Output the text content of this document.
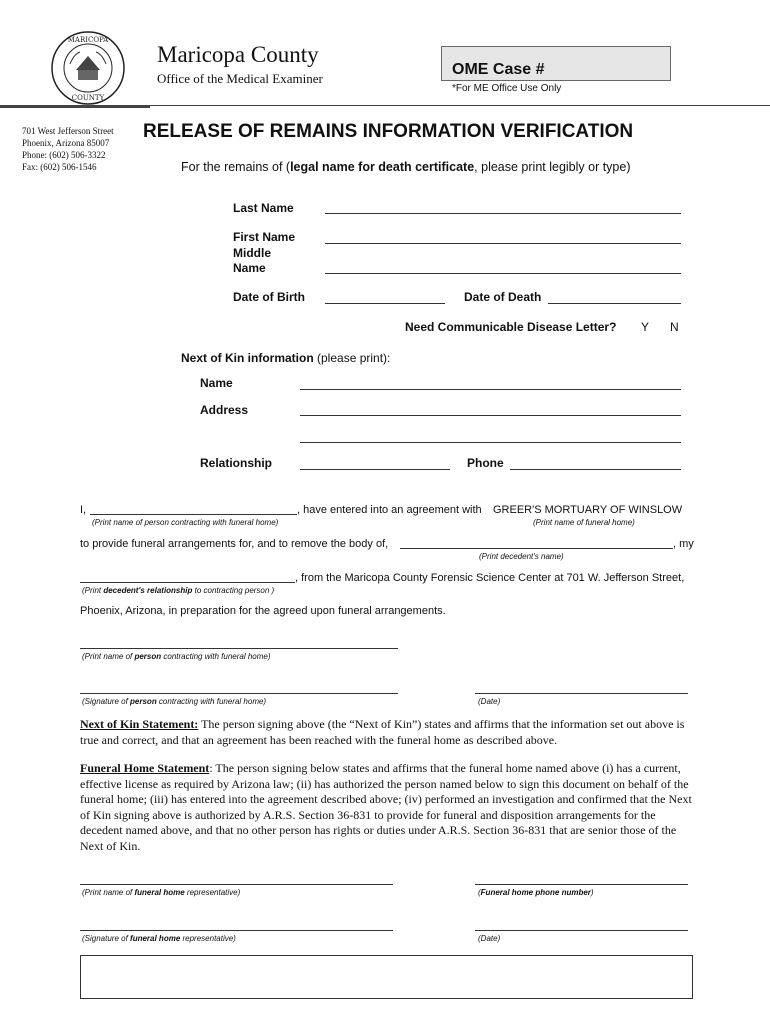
MARICOPA
COUNTY
Maricopa County
Office of the Medical Examiner
OME Case #
*For ME Office Use Only
701 West Jefferson Street
Phoenix, Arizona 85007
Phone: (602) 506-3322
Fax: (602) 506-1546
RELEASE OF REMAINS INFORMATION VERIFICATION
For the remains of (legal name for death certificate, please print legibly or type)
Last Name
First Name
Middle
Name
Date of Birth	Date of Death
Need Communicable Disease Letter? Y N
Next of Kin information (please print):
Name
Address
Relationship	Phone
I,	, have entered into an agreement with GREER'S MORTUARY OF WINSLOW
(Print name of person contracting with funeral home)	(Print name of funeral home)
to provide funeral arrangements for, and to remove the body of,	, my
(Print decedent's name)
, from the Maricopa County Forensic Science Center at 701 W. Jefferson Street,
(Print decedent's relationship to contracting person )
Phoenix, Arizona, in preparation for the agreed upon funeral arrangements.
(Print name of person contracting with funeral home)
(Signature of person contracting with funeral home)	(Date)
Next of Kin Statement: The person signing above (the “Next of Kin”) states and affirms that the information set out above is true and correct, and that an agreement has been reached with the funeral home as described above.
Funeral Home Statement: The person signing below states and affirms that the funeral home named above (i) has a current, effective license as required by Arizona law; (ii) has authorized the person named below to sign this document on behalf of the funeral home; (iii) has entered into the agreement described above; (iv) performed an investigation and confirmed that the Next of Kin signing above is authorized by A.R.S. Section 36-831 to provide for funeral and disposition arrangements for the decedent named above, and that no other person has rights or duties under A.R.S. Section 36-831 that are senior those of the Next of Kin.
(Print name of funeral home representative)	(Funeral home phone number)
(Signature of funeral home representative)	(Date)
